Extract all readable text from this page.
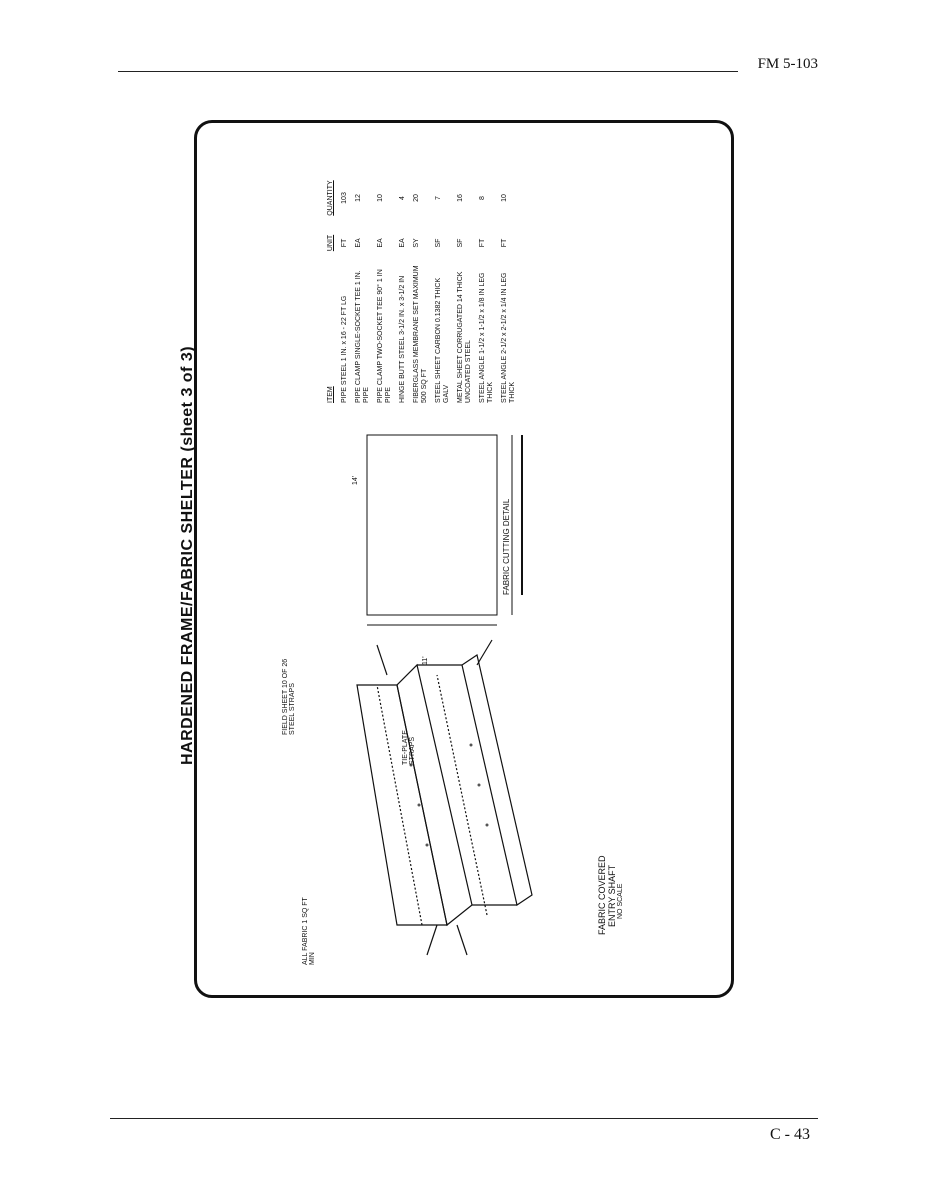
FM 5-103
HARDENED FRAME/FABRIC SHELTER (sheet 3 of 3)
FABRIC COVERED ENTRY SHAFT NO SCALE
FIELD SHEET 10 OF 26 STEEL STRAPS
TIE-PLATE STRAPS
ALL FABRIC 1 SQ FT MIN
14'
11'
FABRIC CUTTING DETAIL
ITEM
UNIT
QUANTITY
PIPE STEEL 1 IN. x 16 - 22 FT LG
FT
103
PIPE CLAMP SINGLE-SOCKET TEE 1 IN. PIPE
EA
12
PIPE CLAMP TWO-SOCKET TEE 90° 1 IN PIPE
EA
10
HINGE BUTT STEEL 3-1/2 IN. x 3-1/2 IN
EA
4
FIBERGLASS MEMBRANE SET MAXIMUM 500 SQ FT
SY
20
STEEL SHEET CARBON 0.1382 THICK GALV
SF
7
METAL SHEET CORRUGATED 14 THICK UNCOATED STEEL
SF
16
STEEL ANGLE 1-1/2 x 1-1/2 x 1/8 IN LEG THICK
FT
8
STEEL ANGLE 2-1/2 x 2-1/2 x 1/4 IN LEG THICK
FT
10
C - 43
